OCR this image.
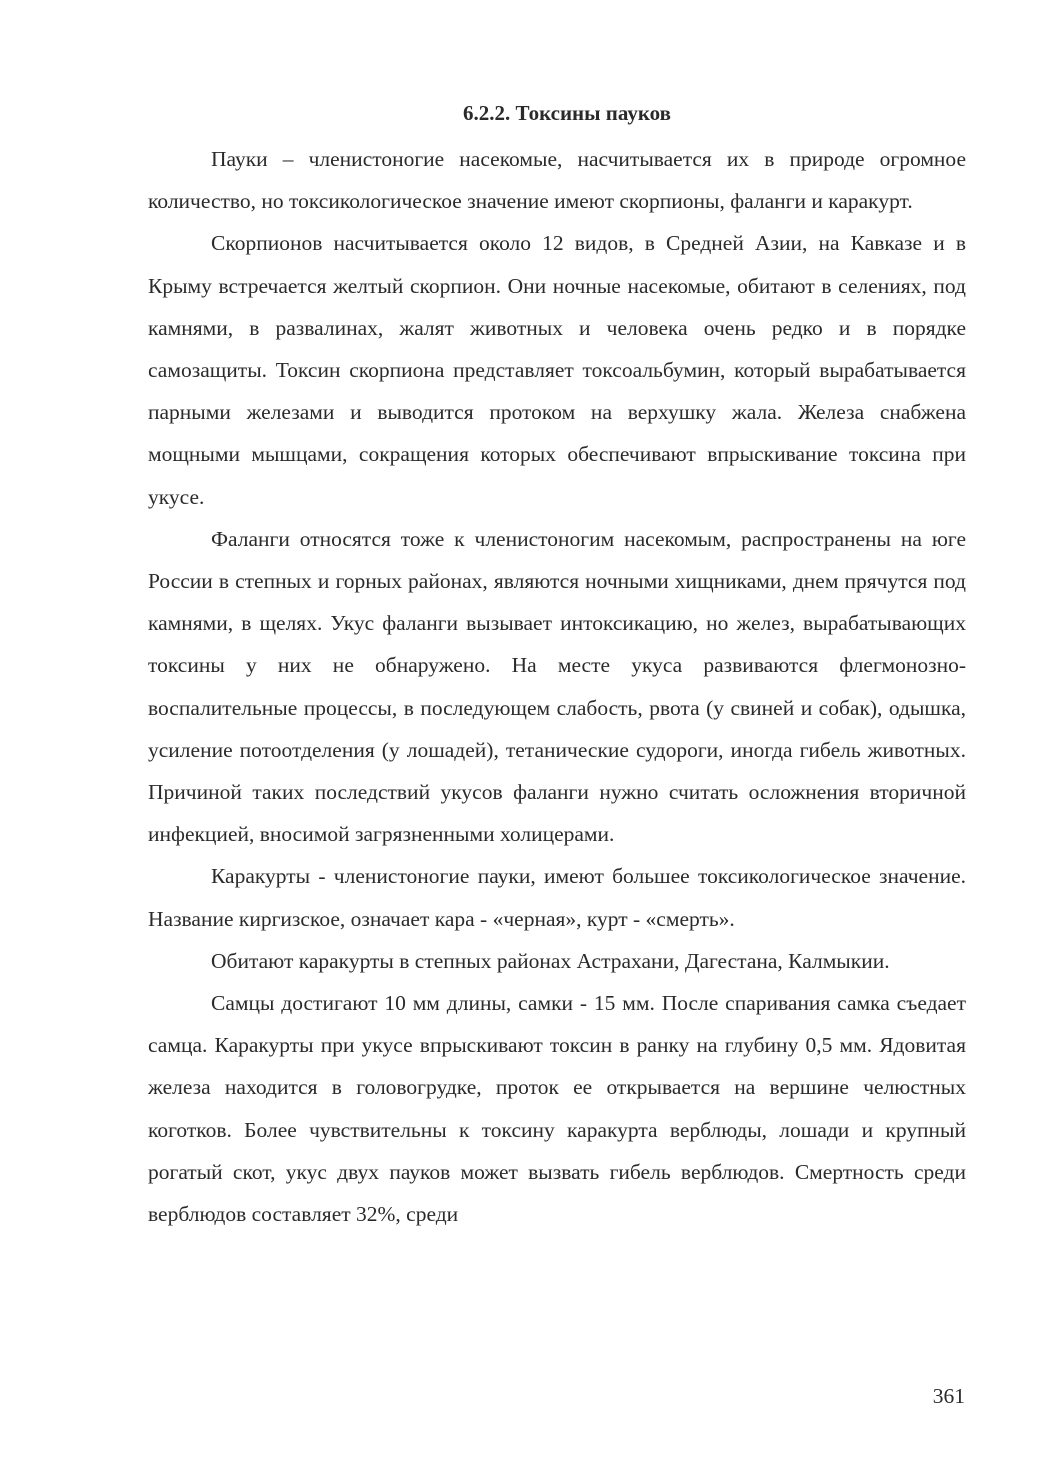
6.2.2. Токсины пауков

Пауки – членистоногие насекомые, насчитывается их в природе огромное количество, но токсикологическое значение имеют скорпионы, фаланги и каракурт.

Скорпионов насчитывается около 12 видов, в Средней Азии, на Кавказе и в Крыму встречается желтый скорпион. Они ночные насекомые, обитают в селениях, под камнями, в развалинах, жалят животных и человека очень редко и в порядке самозащиты. Токсин скорпиона представляет токсоальбумин, который вырабатывается парными железами и выводится протоком на верхушку жала. Железа снабжена мощными мышцами, сокращения которых обеспечивают впрыскивание токсина при укусе.

Фаланги относятся тоже к членистоногим насекомым, распространены на юге России в степных и горных районах, являются ночными хищниками, днем прячутся под камнями, в щелях. Укус фаланги вызывает интоксикацию, но желез, вырабатывающих токсины у них не обнаружено. На месте укуса развиваются флегмонозно-воспалительные процессы, в последующем слабость, рвота (у свиней и собак), одышка, усиление потоотделения (у лошадей), тетанические судороги, иногда гибель животных. Причиной таких последствий укусов фаланги нужно считать осложнения вторичной инфекцией, вносимой загрязненными холицерами.

Каракурты - членистоногие пауки, имеют большее токсикологическое значение. Название киргизское, означает кара - «черная», курт - «смерть».

Обитают каракурты в степных районах Астрахани, Дагестана, Калмыкии.

Самцы достигают 10 мм длины, самки - 15 мм. После спаривания самка съедает самца. Каракурты при укусе впрыскивают токсин в ранку на глубину 0,5 мм. Ядовитая железа находится в головогрудке, проток ее открывается на вершине челюстных коготков. Более чувствительны к токсину каракурта верблюды, лошади и крупный рогатый скот, укус двух пауков может вызвать гибель верблюдов. Смертность среди верблюдов составляет 32%, среди

361
